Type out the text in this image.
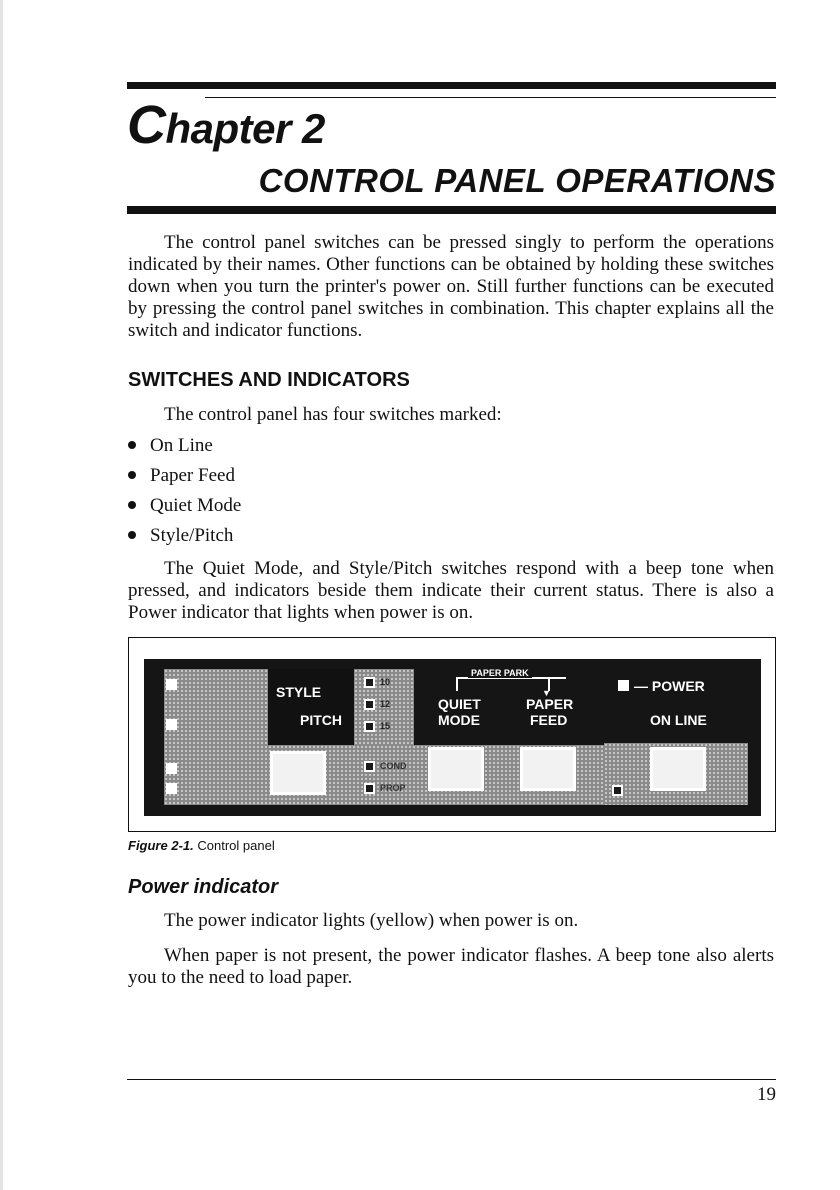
Chapter 2
CONTROL PANEL OPERATIONS

The control panel switches can be pressed singly to perform the operations indicated by their names. Other functions can be obtained by holding these switches down when you turn the printer's power on. Still further functions can be executed by pressing the control panel switches in combination. This chapter explains all the switch and indicator functions.

SWITCHES AND INDICATORS

The control panel has four switches marked:

On Line
Paper Feed
Quiet Mode
Style/Pitch

The Quiet Mode, and Style/Pitch switches respond with a beep tone when pressed, and indicators beside them indicate their current status. There is also a Power indicator that lights when power is on.

STYLE
PITCH
10
12
15
COND
PROP
PAPER PARK
▼
QUIET
MODE
PAPER
FEED
— POWER
ON LINE
Figure 2-1. Control panel
Power indicator

The power indicator lights (yellow) when power is on.

When paper is not present, the power indicator flashes. A beep tone also alerts you to the need to load paper.

19
